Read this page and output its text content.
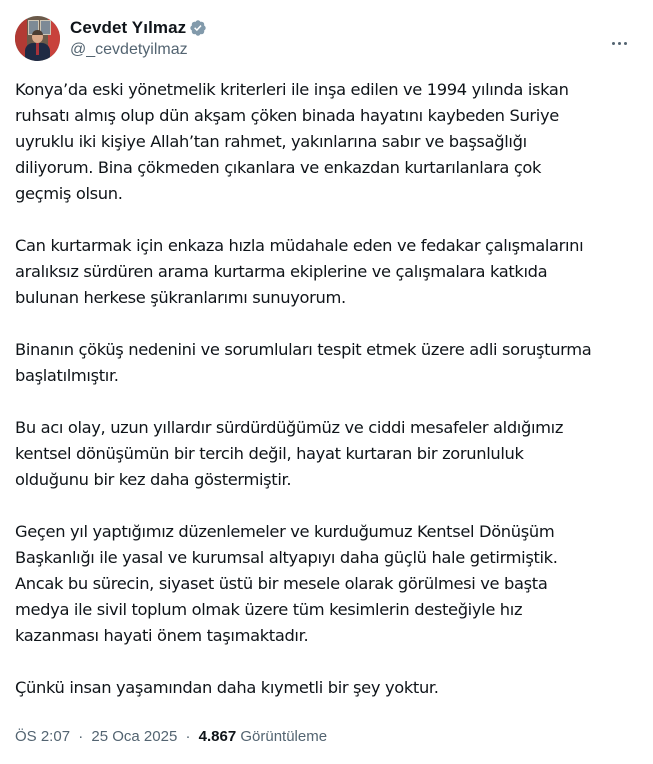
Cevdet Yılmaz
@_cevdetyilmaz

Konya’da eski yönetmelik kriterleri ile inşa edilen ve 1994 yılında iskan
ruhsatı almış olup dün akşam çöken binada hayatını kaybeden Suriye
uyruklu iki kişiye Allah’tan rahmet, yakınlarına sabır ve başsağlığı
diliyorum. Bina çökmeden çıkanlara ve enkazdan kurtarılanlara çok
geçmiş olsun.

Can kurtarmak için enkaza hızla müdahale eden ve fedakar çalışmalarını
aralıksız sürdüren arama kurtarma ekiplerine ve çalışmalara katkıda
bulunan herkese şükranlarımı sunuyorum.

Binanın çöküş nedenini ve sorumluları tespit etmek üzere adli soruşturma
başlatılmıştır.

Bu acı olay, uzun yıllardır sürdürdüğümüz ve ciddi mesafeler aldığımız
kentsel dönüşümün bir tercih değil, hayat kurtaran bir zorunluluk
olduğunu bir kez daha göstermiştir.

Geçen yıl yaptığımız düzenlemeler ve kurduğumuz Kentsel Dönüşüm
Başkanlığı ile yasal ve kurumsal altyapıyı daha güçlü hale getirmiştik.
Ancak bu sürecin, siyaset üstü bir mesele olarak görülmesi ve başta
medya ile sivil toplum olmak üzere tüm kesimlerin desteğiyle hız
kazanması hayati önem taşımaktadır.

Çünkü insan yaşamından daha kıymetli bir şey yoktur.

ÖS 2:07 · 25 Oca 2025 · 4.867 Görüntüleme
